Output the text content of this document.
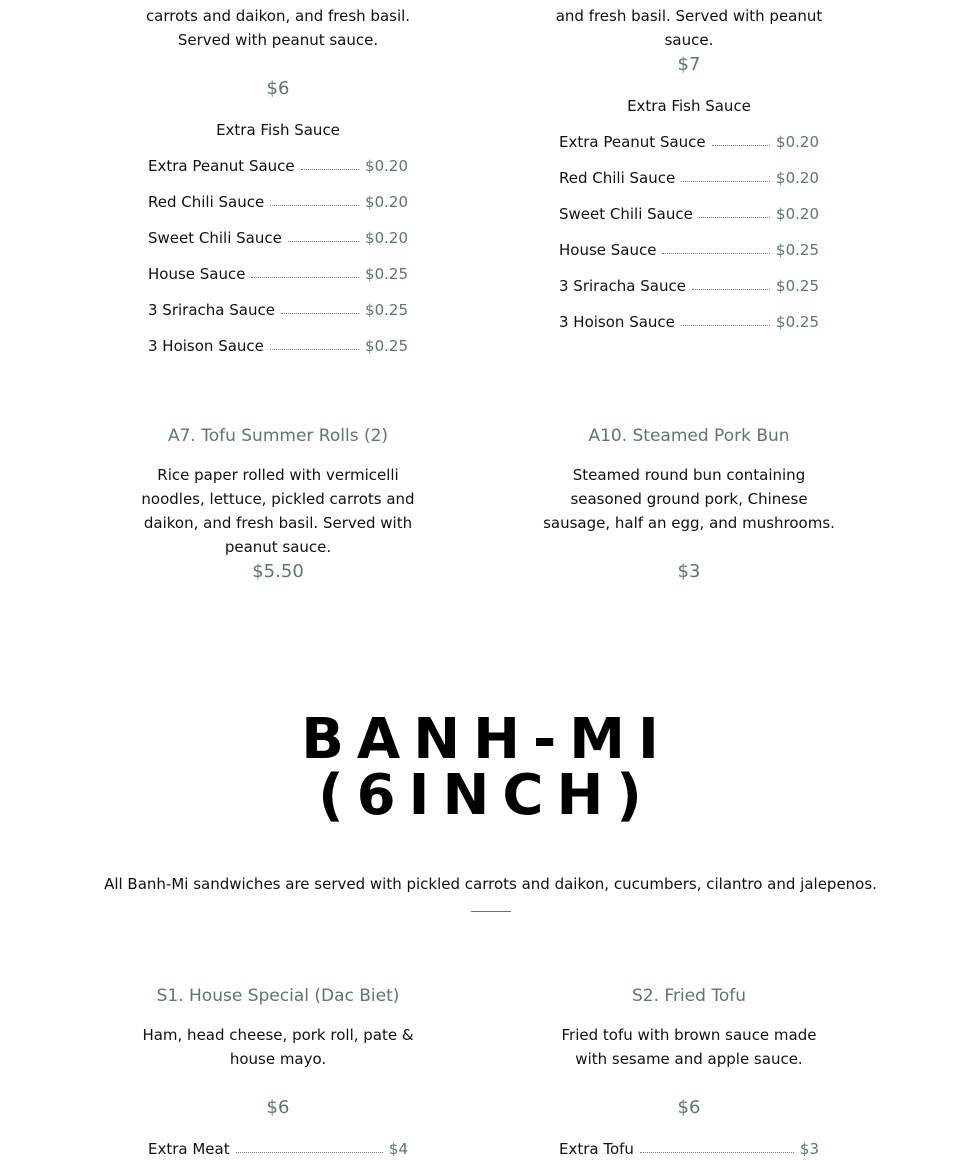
carrots and daikon, and fresh basil. Served with peanut sauce.

$6
Extra Fish Sauce
Extra Peanut Sauce	$0.20
Red Chili Sauce	$0.20
Sweet Chili Sauce	$0.20
House Sauce	$0.25
3 Sriracha Sauce	$0.25
3 Hoison Sauce	$0.25

and fresh basil. Served with peanut sauce.

$7
Extra Fish Sauce
Extra Peanut Sauce	$0.20
Red Chili Sauce	$0.20
Sweet Chili Sauce	$0.20
House Sauce	$0.25
3 Sriracha Sauce	$0.25
3 Hoison Sauce	$0.25
A7. Tofu Summer Rolls (2)

Rice paper rolled with vermicelli noodles, lettuce, pickled carrots and daikon, and fresh basil. Served with peanut sauce.

$5.50
A10. Steamed Pork Bun

Steamed round bun containing seasoned ground pork, Chinese sausage, half an egg, and mushrooms.

$3
BANH-MI
(6INCH)
All Banh-Mi sandwiches are served with pickled carrots and daikon, cucumbers, cilantro and jalepenos.
S1. House Special (Dac Biet)

Ham, head cheese, pork roll, pate & house mayo.

$6
Extra Meat	$4
S2. Fried Tofu

Fried tofu with brown sauce made with sesame and apple sauce.

$6
Extra Tofu	$3
